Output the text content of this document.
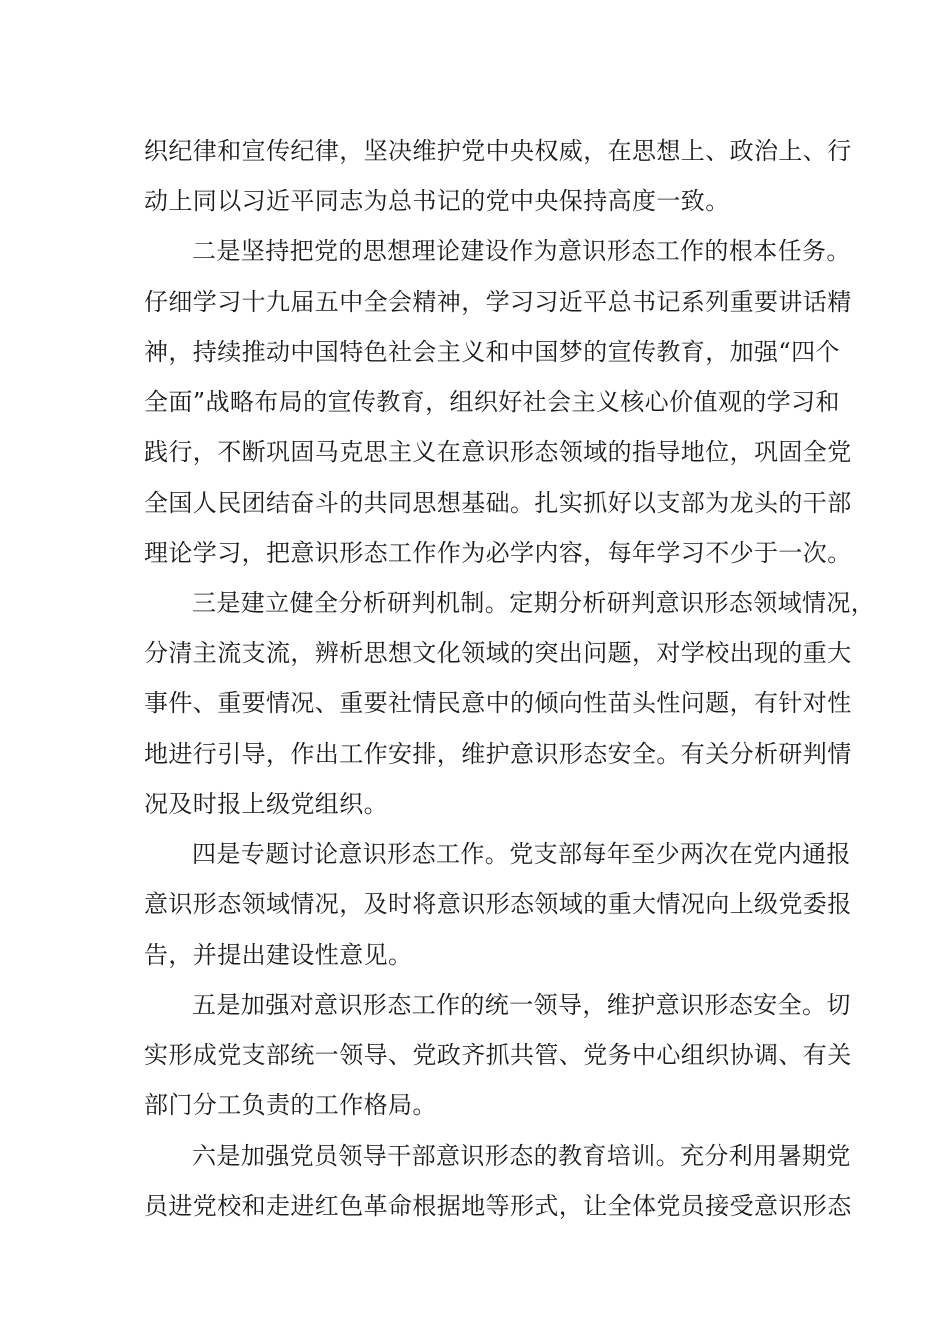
织纪律和宣传纪律，坚决维护党中央权威，在思想上、政治上、行
动上同以习近平同志为总书记的党中央保持高度一致。
二是坚持把党的思想理论建设作为意识形态工作的根本任务。
仔细学习十九届五中全会精神，学习习近平总书记系列重要讲话精
神，持续推动中国特色社会主义和中国梦的宣传教育，加强“四个
全面”战略布局的宣传教育，组织好社会主义核心价值观的学习和
践行，不断巩固马克思主义在意识形态领域的指导地位，巩固全党
全国人民团结奋斗的共同思想基础。扎实抓好以支部为龙头的干部
理论学习，把意识形态工作作为必学内容，每年学习不少于一次。
三是建立健全分析研判机制。定期分析研判意识形态领域情况，
分清主流支流，辨析思想文化领域的突出问题，对学校出现的重大
事件、重要情况、重要社情民意中的倾向性苗头性问题，有针对性
地进行引导，作出工作安排，维护意识形态安全。有关分析研判情
况及时报上级党组织。
四是专题讨论意识形态工作。党支部每年至少两次在党内通报
意识形态领域情况，及时将意识形态领域的重大情况向上级党委报
告，并提出建设性意见。
五是加强对意识形态工作的统一领导，维护意识形态安全。切
实形成党支部统一领导、党政齐抓共管、党务中心组织协调、有关
部门分工负责的工作格局。
六是加强党员领导干部意识形态的教育培训。充分利用暑期党
员进党校和走进红色革命根据地等形式，让全体党员接受意识形态
